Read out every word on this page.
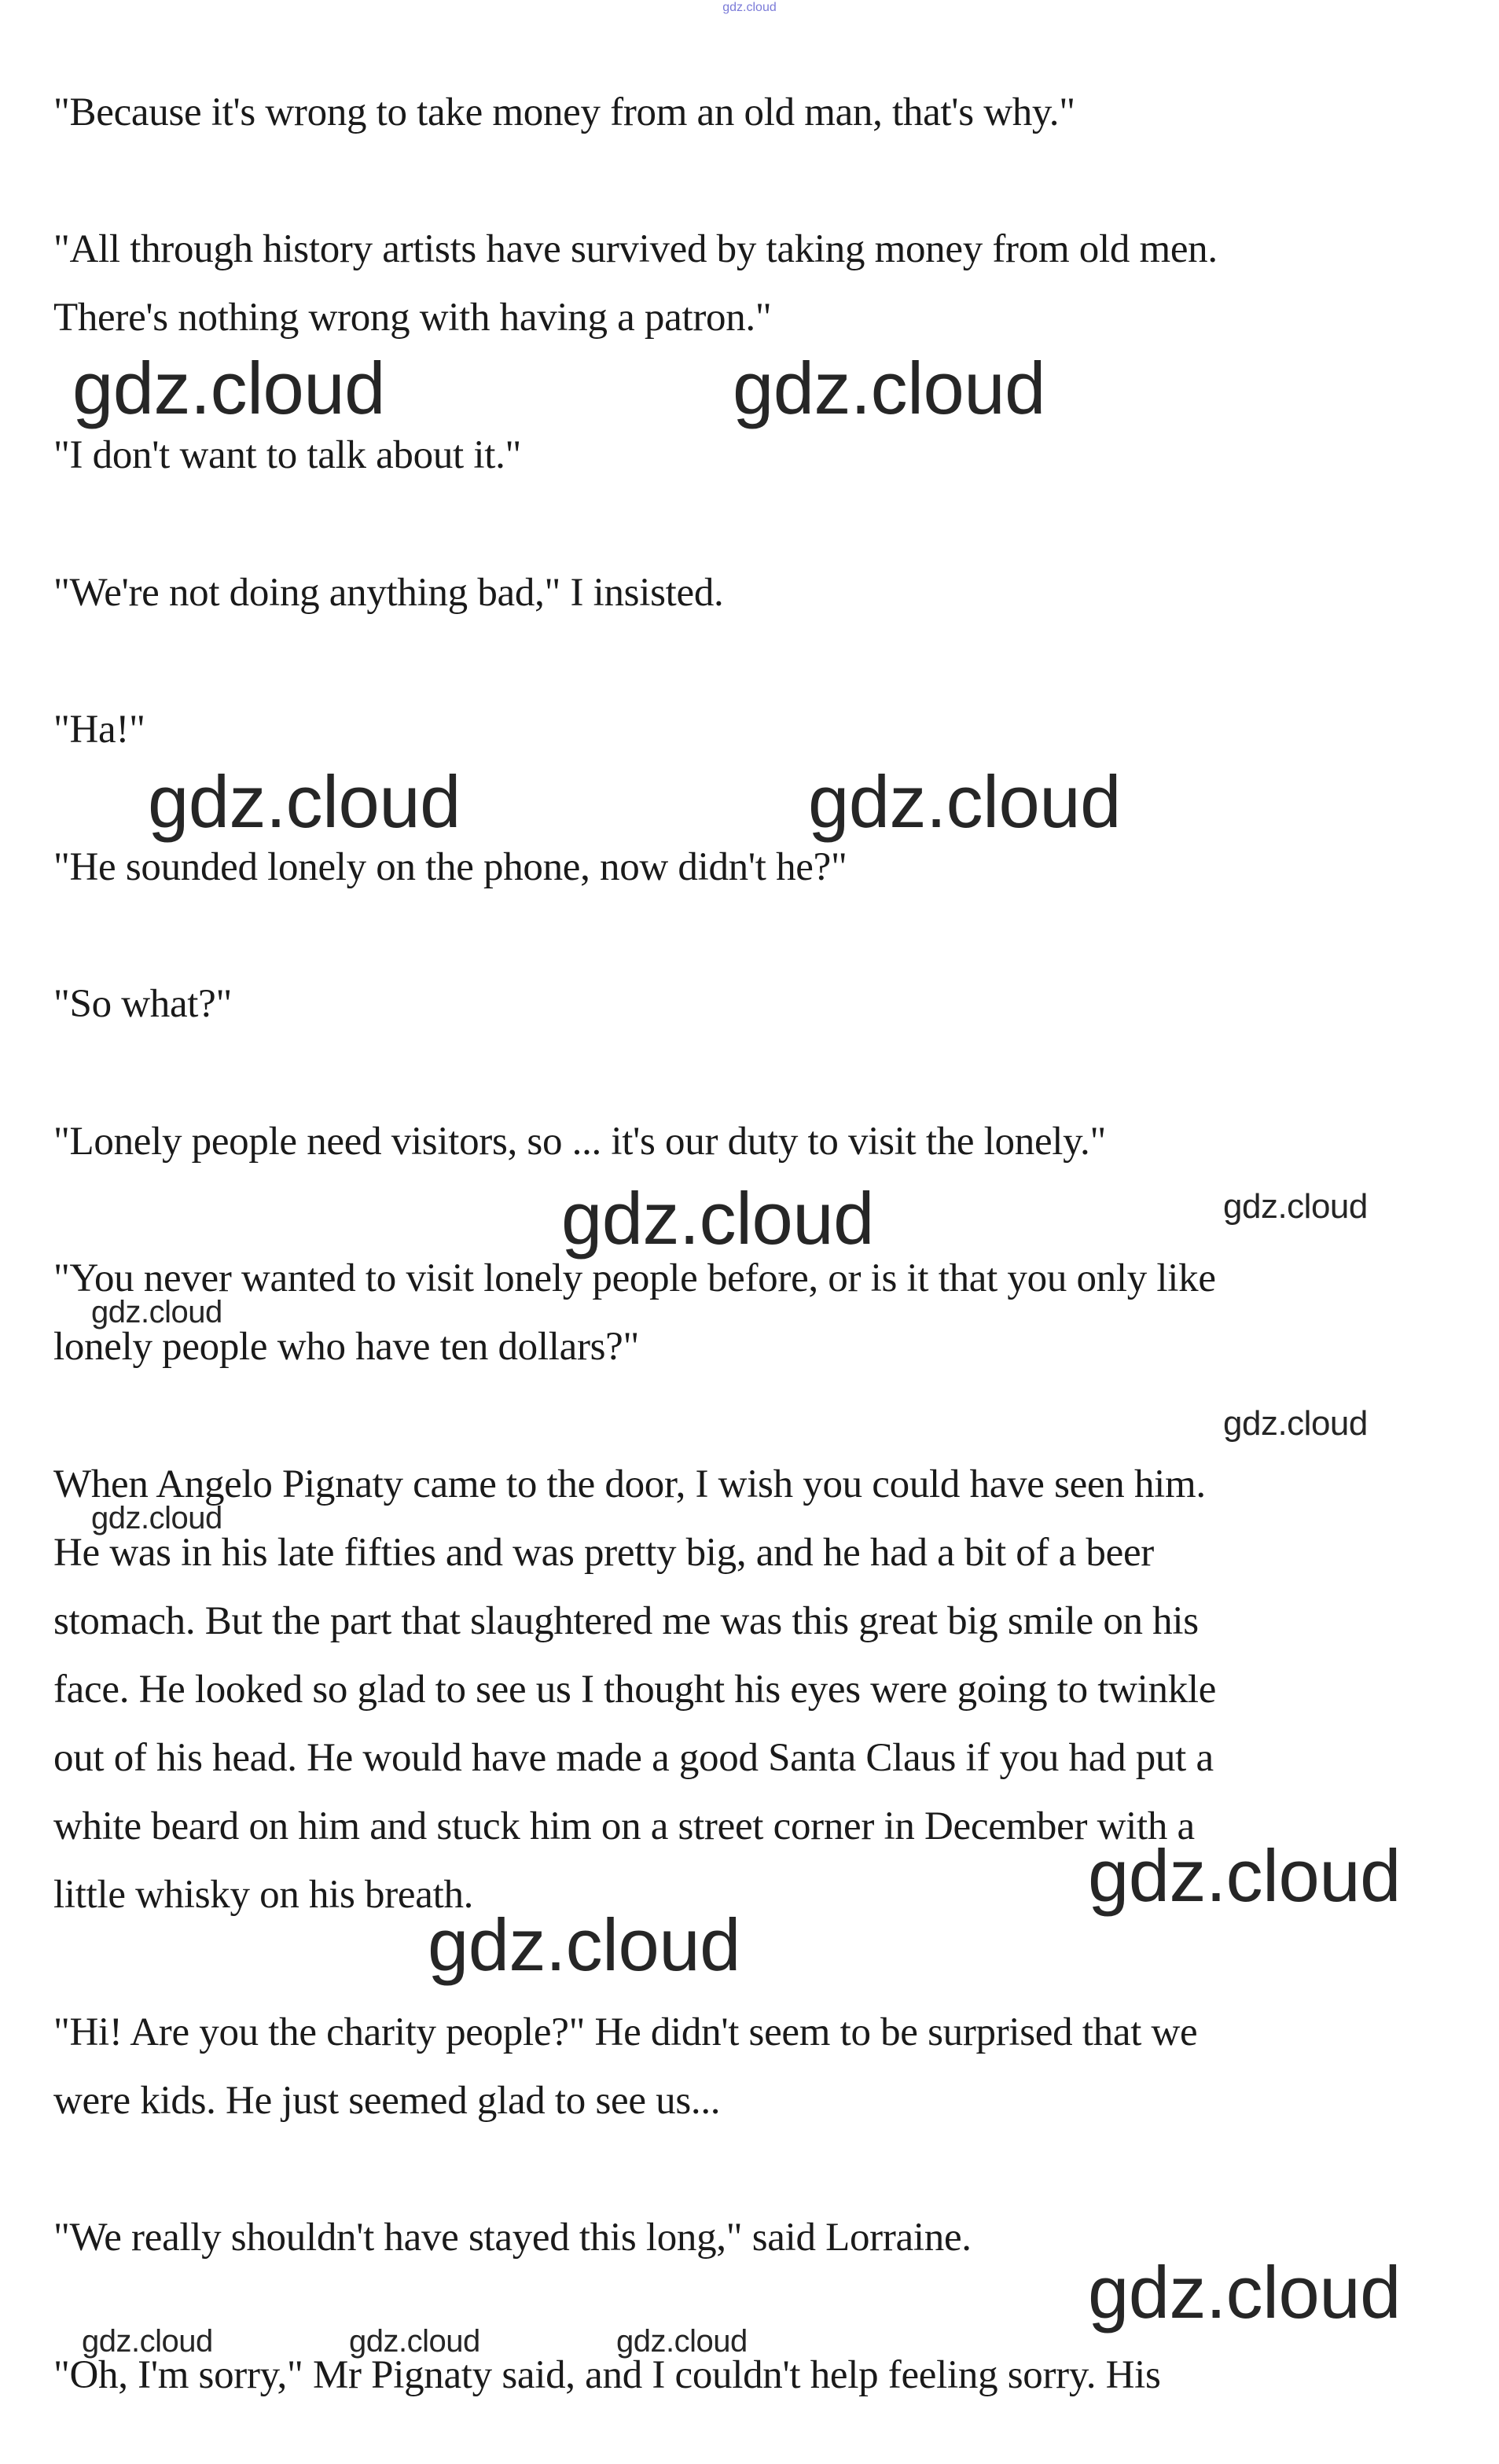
gdz.cloud
"Because it's wrong to take money from an old man, that's why."
"All through history artists have survived by taking money from old men.
There's nothing wrong with having a patron."
"I don't want to talk about it."
"We're not doing anything bad," I insisted.
"Ha!"
"He sounded lonely on the phone, now didn't he?"
"So what?"
"Lonely people need visitors, so ... it's our duty to visit the lonely."
"You never wanted to visit lonely people before, or is it that you only like
lonely people who have ten dollars?"
When Angelo Pignaty came to the door, I wish you could have seen him.
He was in his late fifties and was pretty big, and he had a bit of a beer
stomach. But the part that slaughtered me was this great big smile on his
face. He looked so glad to see us I thought his eyes were going to twinkle
out of his head. He would have made a good Santa Claus if you had put a
white beard on him and stuck him on a street corner in December with a
little whisky on his breath.
"Hi! Are you the charity people?" He didn't seem to be surprised that we
were kids. He just seemed glad to see us...
"We really shouldn't have stayed this long," said Lorraine.
"Oh, I'm sorry," Mr Pignaty said, and I couldn't help feeling sorry. His
gdz.cloud	gdz.cloud
gdz.cloud	gdz.cloud
gdz.cloud	gdz.cloud
gdz.cloud
gdz.cloud
gdz.cloud
gdz.cloud
gdz.cloud
gdz.cloud
gdz.cloud	gdz.cloud	gdz.cloud
